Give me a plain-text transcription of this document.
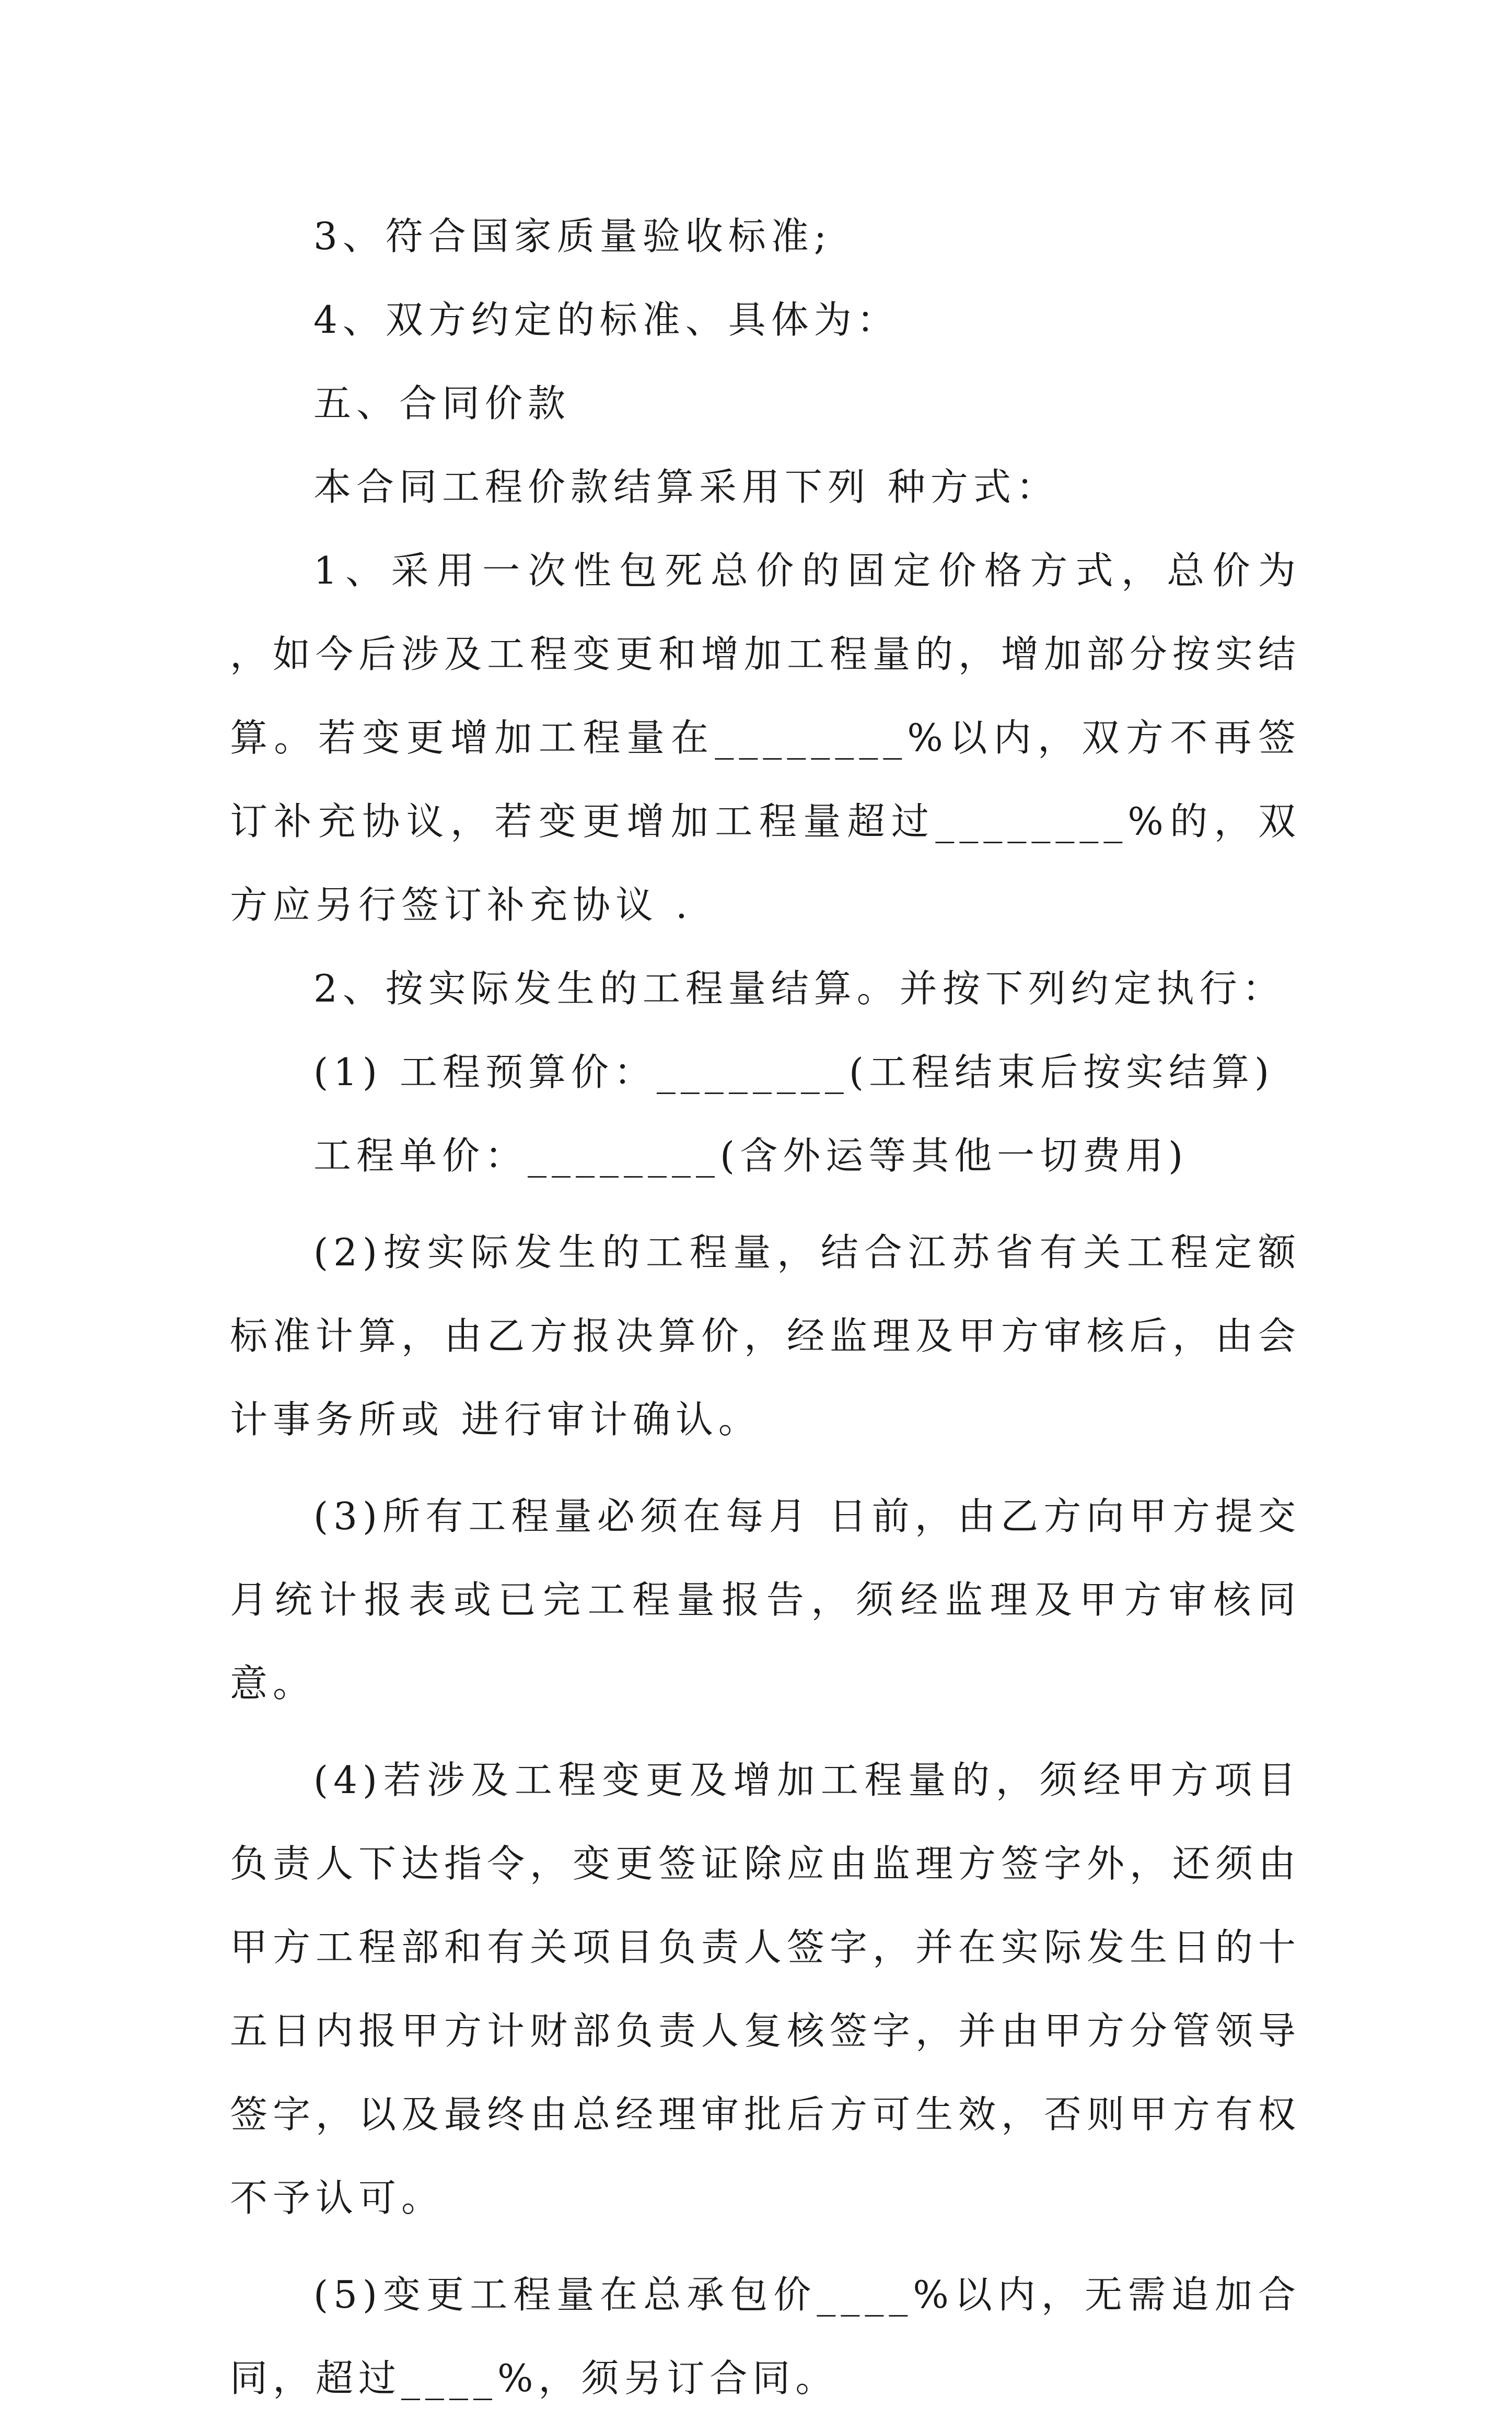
3、符合国家质量验收标准;

4、双方约定的标准、具体为：

五、合同价款

本合同工程价款结算采用下列 种方式：

1、采用一次性包死总价的固定价格方式，总价为 ，如今后涉及工程变更和增加工程量的，增加部分按实结算。若变更增加工程量在________%以内，双方不再签订补充协议，若变更增加工程量超过________%的，双方应另行签订补充协议 .

2、按实际发生的工程量结算。并按下列约定执行：

(1) 工程预算价：________(工程结束后按实结算)

工程单价：________(含外运等其他一切费用)

(2)按实际发生的工程量，结合江苏省有关工程定额标准计算，由乙方报决算价，经监理及甲方审核后，由会计事务所或 进行审计确认。

(3)所有工程量必须在每月 日前，由乙方向甲方提交月统计报表或已完工程量报告，须经监理及甲方审核同意。

(4)若涉及工程变更及增加工程量的，须经甲方项目负责人下达指令，变更签证除应由监理方签字外，还须由甲方工程部和有关项目负责人签字，并在实际发生日的十五日内报甲方计财部负责人复核签字，并由甲方分管领导签字，以及最终由总经理审批后方可生效，否则甲方有权不予认可。

(5)变更工程量在总承包价____%以内，无需追加合同，超过____%，须另订合同。
